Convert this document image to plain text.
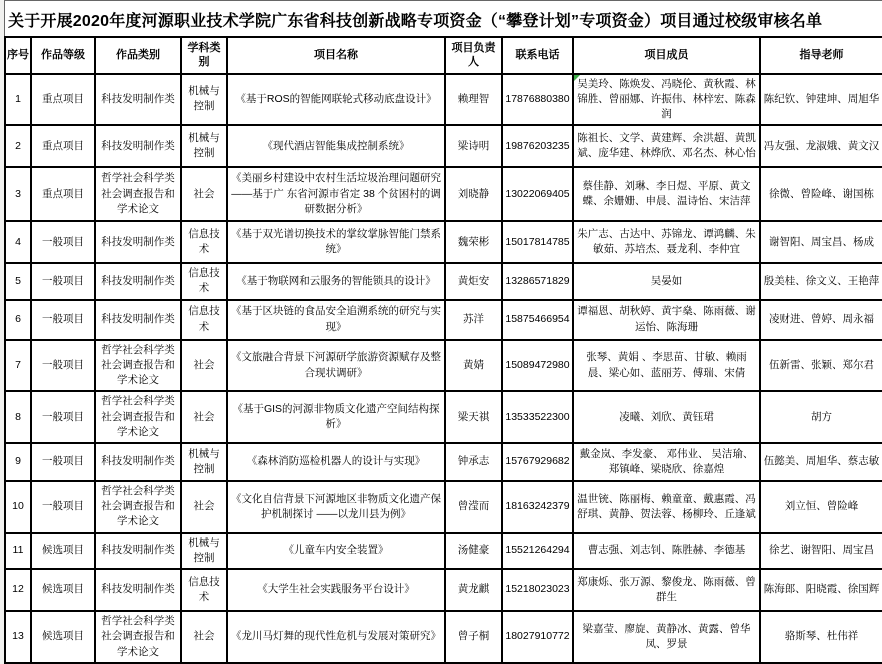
关于开展2020年度河源职业技术学院广东省科技创新战略专项资金（“攀登计划”专项资金）项目通过校级审核名单
序号	作品等级	作品类别	学科类别	项目名称	项目负责人	联系电话	项目成员	指导老师
1	重点项目	科技发明制作类	机械与控制	《基于ROS的智能网联轮式移动底盘设计》	赖理智	17876880380	吴美玲、陈焕发、冯晓伦、黄秋霞、林锦胜、曾丽娜、许振伟、林梓宏、陈森润	陈纪钦、钟建坤、周旭华
2	重点项目	科技发明制作类	机械与控制	《现代酒店智能集成控制系统》	梁诗明	19876203235	陈祖长、文学、黄建辉、余洪超、黄凯斌、庞华建、林烨欣、邓名杰、林心怡	冯友强、龙淑娥、黄文汉
3	重点项目	哲学社会科学类社会调查报告和学术论文	社会	《美丽乡村建设中农村生活垃圾治理问题研究——基于广 东省河源市省定 38 个贫困村的调研数据分析》	刘晓静	13022069405	蔡佳静、刘琳、李日煜、平原、黄文蝶、余姗姗、申晨、温诗怡、宋洁萍	徐微、曾险峰、谢国栋
4	一般项目	科技发明制作类	信息技术	《基于双光谱切换技术的掌纹掌脉智能门禁系统》	魏荣彬	15017814785	朱广志、古达中、苏锦龙、谭鸿麟、朱敏茹、苏培杰、聂龙利、李仲宜	谢智阳、周宝昌、杨成
5	一般项目	科技发明制作类	信息技术	《基于物联网和云服务的智能锁具的设计》	黄炬安	13286571829	吴晏如	殷美桂、徐文义、王艳萍
6	一般项目	科技发明制作类	信息技术	《基于区块链的食品安全追溯系统的研究与实现》	苏洋	15875466954	谭福恩、胡秋婷、黄宇燊、陈雨薇、谢运怡、陈海珊	凌财进、曾婷、周永福
7	一般项目	哲学社会科学类社会调查报告和学术论文	社会	《文旅融合背景下河源研学旅游资源赋存及整合现状调研》	黄婧	15089472980	张琴、黄娟 、李思苗、甘敏、赖雨晨、梁心如、蓝丽芳、傅瑞、宋倩	伍新雷、张颖、郑尔君
8	一般项目	哲学社会科学类社会调查报告和学术论文	社会	《基于GIS的河源非物质文化遗产空间结构探析》	梁天祺	13533522300	凌曦、刘欣、黄钰珺	胡方
9	一般项目	科技发明制作类	机械与控制	《森林消防巡检机器人的设计与实现》	钟承志	15767929682	戴金岚、李发豪、 邓伟业、 吴洁瑜、郑镇峰、梁晓欣、徐嘉煌	伍懿美、周旭华、蔡志敏
10	一般项目	哲学社会科学类社会调查报告和学术论文	社会	《文化自信背景下河源地区非物质文化遗产保护机制探讨 ——以龙川县为例》	曾滢而	18163242379	温世铳、陈丽梅、赖童童、戴惠霞、冯舒琪、黄静、贺法蓉、杨柳玲、丘逢斌	刘立恒、曾险峰
11	候选项目	科技发明制作类	机械与控制	《儿童车内安全装置》	汤健豪	15521264294	曹志强、刘志钊、陈胜赫、李德基	徐艺、谢智阳、周宝昌
12	候选项目	科技发明制作类	信息技术	《大学生社会实践服务平台设计》	黄龙麒	15218023023	郑康烁、张万源、黎俊龙、陈雨薇、曾群生	陈海郎、阳晓霞、徐国辉
13	候选项目	哲学社会科学类社会调查报告和学术论文	社会	《龙川马灯舞的现代性危机与发展对策研究》	曾子桐	18027910772	梁嘉莹、廖旋、黄静冰、黄露、曾华凤、罗景	骆斯琴、杜伟祥
